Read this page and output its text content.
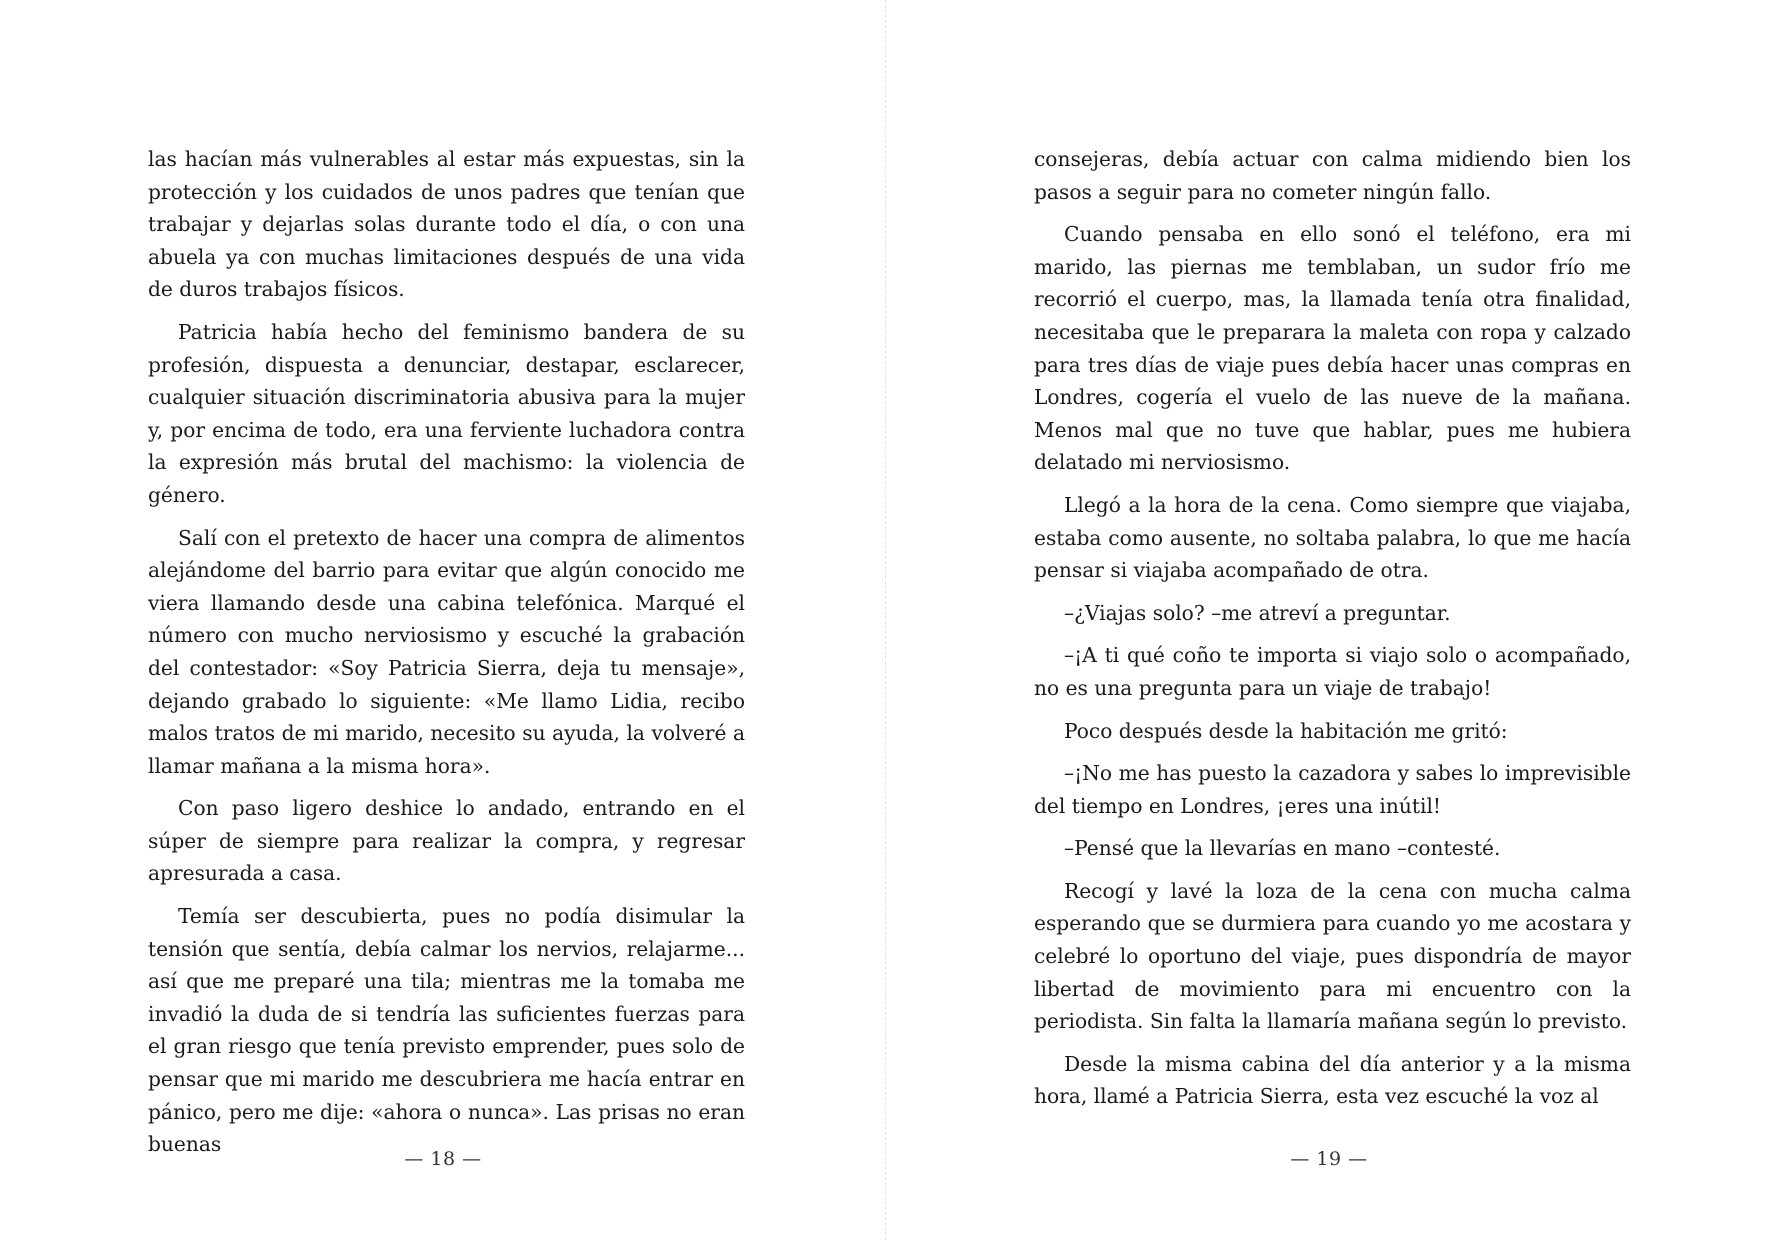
las hacían más vulnerables al estar más expuestas, sin la protección y los cuidados de unos padres que tenían que trabajar y dejarlas solas durante todo el día, o con una abuela ya con muchas limitaciones después de una vida de duros trabajos físicos.

Patricia había hecho del feminismo bandera de su profesión, dispuesta a denunciar, destapar, esclarecer, cualquier situación discriminatoria abusiva para la mujer y, por encima de todo, era una ferviente luchadora contra la expresión más brutal del machismo: la violencia de género.

Salí con el pretexto de hacer una compra de alimentos alejándome del barrio para evitar que algún conocido me viera llamando desde una cabina telefónica. Marqué el número con mucho nerviosismo y escuché la grabación del contestador: «Soy Patricia Sierra, deja tu mensaje», dejando grabado lo siguiente: «Me llamo Lidia, recibo malos tratos de mi marido, necesito su ayuda, la volveré a llamar mañana a la misma hora».

Con paso ligero deshice lo andado, entrando en el súper de siempre para realizar la compra, y regresar apresurada a casa.

Temía ser descubierta, pues no podía disimular la tensión que sentía, debía calmar los nervios, relajarme... así que me preparé una tila; mientras me la tomaba me invadió la duda de si tendría las suficientes fuerzas para el gran riesgo que tenía previsto emprender, pues solo de pensar que mi marido me descubriera me hacía entrar en pánico, pero me dije: «ahora o nunca». Las prisas no eran buenas

— 18 —

consejeras, debía actuar con calma midiendo bien los pasos a seguir para no cometer ningún fallo.

Cuando pensaba en ello sonó el teléfono, era mi marido, las piernas me temblaban, un sudor frío me recorrió el cuerpo, mas, la llamada tenía otra finalidad, necesitaba que le preparara la maleta con ropa y calzado para tres días de viaje pues debía hacer unas compras en Londres, cogería el vuelo de las nueve de la mañana. Menos mal que no tuve que hablar, pues me hubiera delatado mi nerviosismo.

Llegó a la hora de la cena. Como siempre que viajaba, estaba como ausente, no soltaba palabra, lo que me hacía pensar si viajaba acompañado de otra.

–¿Viajas solo? –me atreví a preguntar.

–¡A ti qué coño te importa si viajo solo o acompañado, no es una pregunta para un viaje de trabajo!

Poco después desde la habitación me gritó:

–¡No me has puesto la cazadora y sabes lo imprevisible del tiempo en Londres, ¡eres una inútil!

–Pensé que la llevarías en mano –contesté.

Recogí y lavé la loza de la cena con mucha calma esperando que se durmiera para cuando yo me acostara y celebré lo oportuno del viaje, pues dispondría de mayor libertad de movimiento para mi encuentro con la periodista. Sin falta la llamaría mañana según lo previsto.

Desde la misma cabina del día anterior y a la misma hora, llamé a Patricia Sierra, esta vez escuché la voz al

— 19 —
